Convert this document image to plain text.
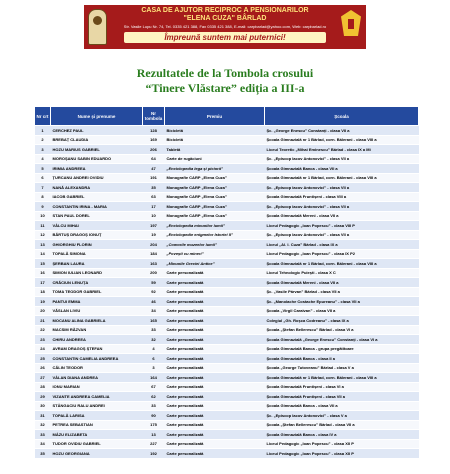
CASA DE AJUTOR RECIPROC A PENSIONARILOR
"ELENA CUZA" BÂRLAD
Str. Vasile Lupu Nr. 74, Tel. 0335 421 388, Fax 0335 421 388, E-mail: carpbarlad@yahoo.com, Web: carpbarlad.ro
Împreună suntem mai puternici!
Rezultatele de la Tombola crosului
“Tinere Vlăstare” ediția a III-a
Nr crt	Nume și prenume	Nr tombola	Premiu	Școala
1	CERCHEZ PAUL	128	Bicicletă	Șc. „George Enescu” Constanți - clasa VII a
2	BREBAȚ CLAUDIA	169	Bicicletă	Școala Gimnazială nr 1 Bârlad, corn. Bâlerani - clasa VIII a
3	HOZU MARIUS GABRIEL	206	Tabletă	Liceul Teoretic „Mihai Eminescu” Bârlad - clasa IX a Mi
4	MOROȘANU SABIN EDUARDO	64	Carte de rugăciuni	Șc. „Episcop Iacov Antonovici” - clasa VII a
5	IRIMIA ANDREEA	47	„Enciclopedia lega și picioră”	Școala Gimnazială Banca - clasa VII a
6	ȚURCANU ANDREI OVIDIU	191	Monografie CARP „Elena Cuza”	Școala Gimnazială nr 1 Bârlad, corn. Bâlerani - clasa VIII a
7	NANĂ ALEXANDRA	35	Monografie CARP „Elena Cuza”	Șc. „Episcop Iacov Antonovici” - clasa VII a
8	IACOB GABRIEL	63	Monografie CARP „Elena Cuza”	Școala Gimnazială Fruntișeni - clasa VIII a
9	CONSTANTIN IRINA - MARIA	17	Monografie CARP „Elena Cuza”	Șc. „Episcop Iacov Antonovici” - clasa VII a
10	STAN PAUL DOREL	10	Monografie CARP „Elena Cuza”	Școala Gimnazială Mereni - clasa VII a
11	VÂLCU MIHAI	197	„Enciclopedia minunilor lumii”	Liceul Pedagogic „Ioan Popescu” - clasa VIII P
12	BĂRTUȘ DRAGOȘ IONUȚ	19	„Enciclopedie enigmelor Istoriei II”	Șc. „Episcop Iacov Antonovici” - clasa VII a
13	GHIORGHIU FLORIN	204	„Comorile muzeelor lumii”	Liceul „Al. I. Cuza” Bârlad - clasa IX a
14	TOPALĂ SIMONA	184	„Povești cu mineri”	Liceul Pedagogic „Ioan Popescu” - clasa IX P2
15	ȘERBAN LAURA	163	„Minunile Greciei Antice”	Școala Gimnazială nr 1 Bârlad, corn. Bâlerani - clasa VIII a
16	SIMION IULIAN LEONARD	200	Carte personalizată	Liceul Tehnologic Puiești - clasa X C
17	CRĂCIUN LENUȚA	59	Carte personalizată	Școala Gimnazială Mereni - clasa VII a
18	TOMA TEODOR GABRIEL	92	Carte personalizată	Șc. „Vasile Pârvan” Bârlad - clasa VII a
19	PANTUI EMMA	46	Carte personalizată	Șc. „Manolache Costache Epureanu” - clasa VII a
20	VĂSLAN LIVIU	34	Carte personalizată	Școala „Virgil Caraivan” - clasa VII a
21	MOCANU ALINA GABRIELA	165	Carte personalizată	Colegiul „Gh. Roșca Codreanu” - clasa IX a
22	MACSIM RĂZVAN	33	Carte personalizată	Școala „Ștefan Bellerescu” Bârlad - clasa VI a
23	CHIRU ANDREEA	32	Carte personalizată	Școala Gimnazială „George Enescu” Constanți - clasa VI a
24	AVRAM DRAGOȘ ȘTEFAN	4	Carte personalizată	Școala Gimnazială Banca - grupa pregătitoare
25	CONSTANTIN CAMELIA ANDREEA	6	Carte personalizată	Școala Gimnazială Banca - clasa II a
26	CĂLIN TEODOR	3	Carte personalizată	Școala „George Tutoveanu” Bârlad - clasa V a
27	VÂLAN DIANA ANDREA	164	Carte personalizată	Școala Gimnazială nr 1 Bârlad, corn. Bâlerani - clasa VIII a
28	IONU MARIAN	67	Carte personalizată	Școala Gimnazială Fruntișeni - clasa VI a
29	VIZANTE ANDREEA CAMELIA	62	Carte personalizată	Școala Gimnazială Fruntișeni - clasa VII a
30	STÂNGACIU RALU ANDREI	33	Carte personalizată	Școala Gimnazială Banca - clasa VII a
31	TOPALĂ LARISA	90	Carte personalizată	Șc. „Episcop Iacov Antonovici” - clasa V a
32	PETREA SEBASTIAN	175	Carte personalizată	Școala „Ștefan Bellerescu” Bârlad - clasa VII a
33	MÂZU ELIZABETA	13	Carte personalizată	Școala Gimnazială Banca - clasa IV a
34	TUDOR OVIDIU GABRIEL	227	Carte personalizată	Liceul Pedagogic „Ioan Popescu” - clasa XII P
35	HOZU GEORGIANA	192	Carte personalizată	Liceul Pedagogic „Ioan Popescu” - clasa XII P
